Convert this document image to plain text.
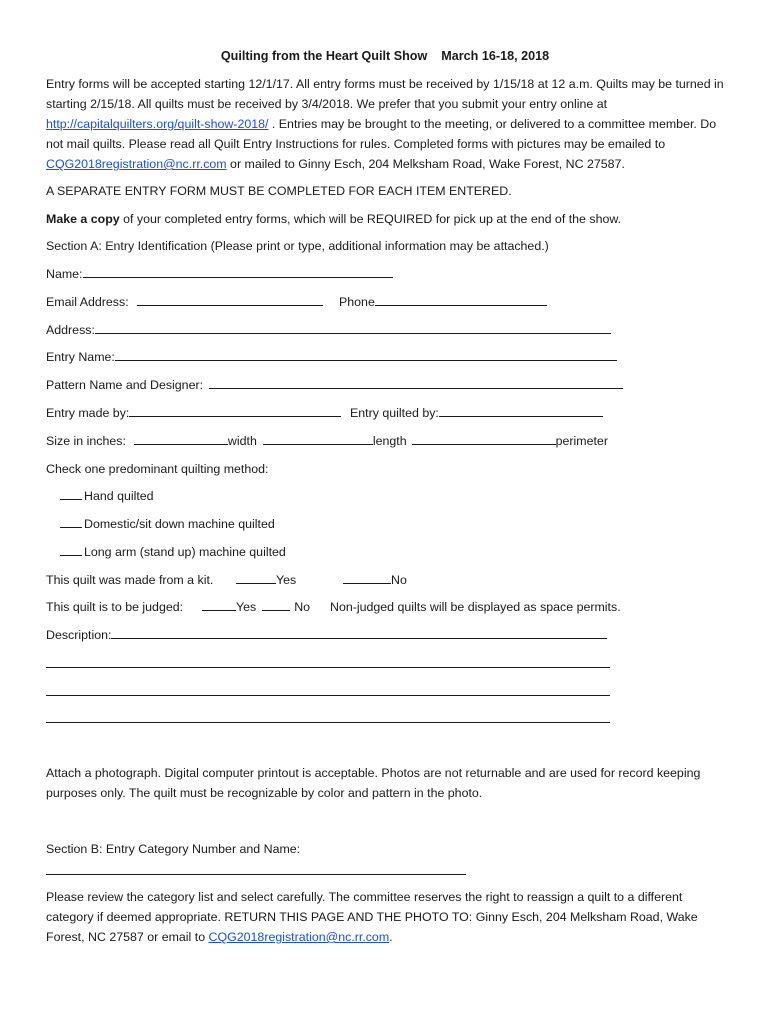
Quilting from the Heart Quilt Show March 16-18, 2018
Entry forms will be accepted starting 12/1/17. All entry forms must be received by 1/15/18 at 12 a.m. Quilts may be turned in starting 2/15/18. All quilts must be received by 3/4/2018. We prefer that you submit your entry online at http://capitalquilters.org/quilt-show-2018/ . Entries may be brought to the meeting, or delivered to a committee member. Do not mail quilts. Please read all Quilt Entry Instructions for rules. Completed forms with pictures may be emailed to CQG2018registration@nc.rr.com or mailed to Ginny Esch, 204 Melksham Road, Wake Forest, NC 27587.
A SEPARATE ENTRY FORM MUST BE COMPLETED FOR EACH ITEM ENTERED.
Make a copy of your completed entry forms, which will be REQUIRED for pick up at the end of the show.
Section A: Entry Identification (Please print or type, additional information may be attached.)
Name:
Email Address:	Phone
Address:
Entry Name:
Pattern Name and Designer:
Entry made by:	Entry quilted by:
Size in inches:	width	length	perimeter
Check one predominant quilting method:
Hand quilted
Domestic/sit down machine quilted
Long arm (stand up) machine quilted
This quilt was made from a kit.	Yes	No
This quilt is to be judged:	Yes	No Non-judged quilts will be displayed as space permits.
Description:
Attach a photograph. Digital computer printout is acceptable. Photos are not returnable and are used for record keeping purposes only. The quilt must be recognizable by color and pattern in the photo.
Section B: Entry Category Number and Name:
Please review the category list and select carefully. The committee reserves the right to reassign a quilt to a different category if deemed appropriate. RETURN THIS PAGE AND THE PHOTO TO: Ginny Esch, 204 Melksham Road, Wake Forest, NC 27587 or email to CQG2018registration@nc.rr.com.
